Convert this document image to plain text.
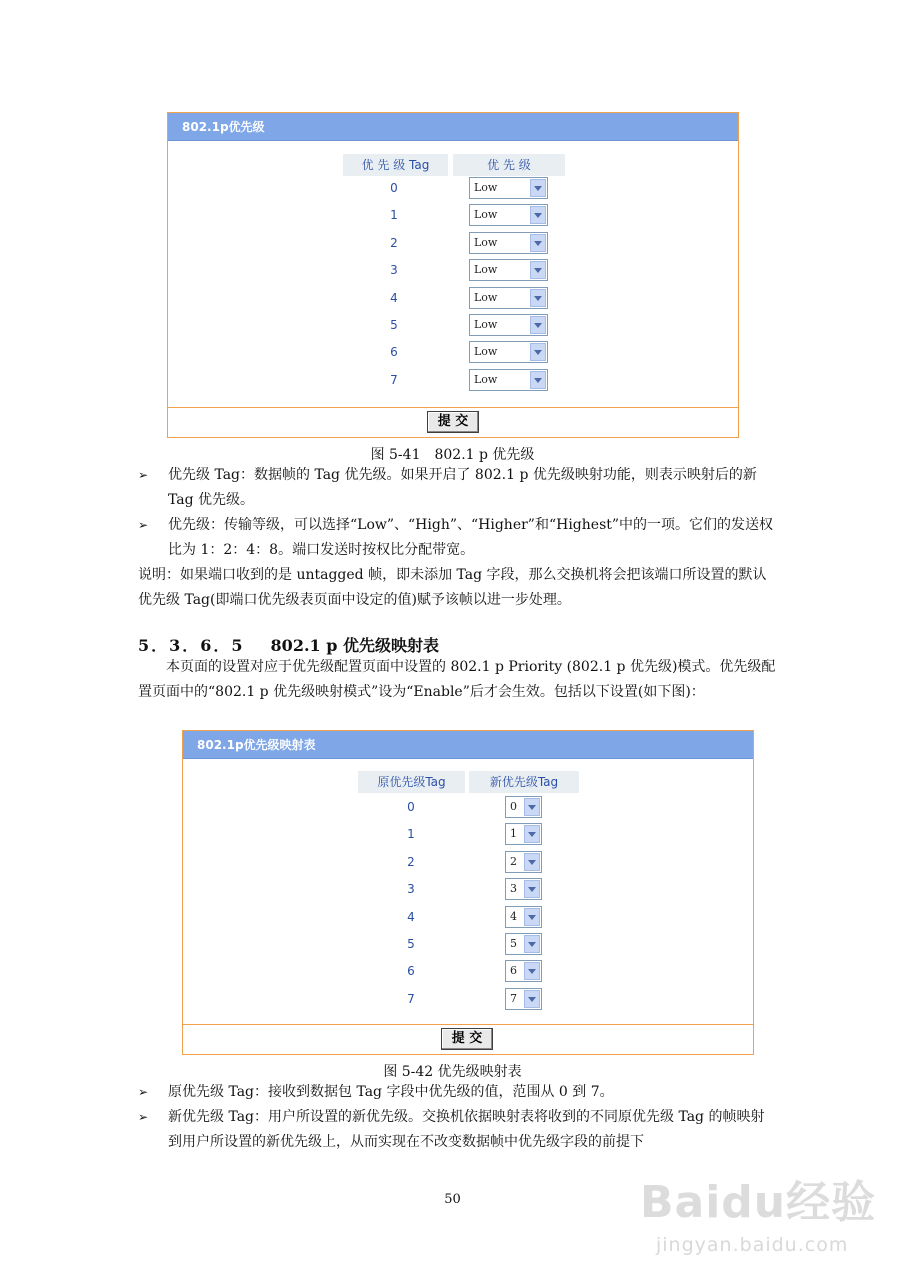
802.1p优先级
优 先 级 Tag	优 先 级
0	Low
1	Low
2	Low
3	Low
4	Low
5	Low
6	Low
7	Low
提 交
图 5-41　802.1 p 优先级
➢	优先级 Tag：数据帧的 Tag 优先级。如果开启了 802.1 p 优先级映射功能，则表示映射后的新 Tag 优先级。
➢	优先级：传输等级，可以选择“Low”、“High”、“Higher”和“Highest”中的一项。它们的发送权比为 1：2：4：8。端口发送时按权比分配带宽。
说明：如果端口收到的是 untagged 帧，即未添加 Tag 字段，那么交换机将会把该端口所设置的默认优先级 Tag(即端口优先级表页面中设定的值)赋予该帧以进一步处理。
5．3．6．5 802.1 p 优先级映射表
本页面的设置对应于优先级配置页面中设置的 802.1 p Priority (802.1 p 优先级)模式。优先级配置页面中的“802.1 p 优先级映射模式”设为“Enable”后才会生效。包括以下设置(如下图)：
802.1p优先级映射表
原优先级Tag	新优先级Tag
0	0
1	1
2	2
3	3
4	4
5	5
6	6
7	7
提 交
图 5-42 优先级映射表
➢	原优先级 Tag：接收到数据包 Tag 字段中优先级的值，范围从 0 到 7。
➢	新优先级 Tag：用户所设置的新优先级。交换机依据映射表将收到的不同原优先级 Tag 的帧映射到用户所设置的新优先级上，从而实现在不改变数据帧中优先级字段的前提下
50	Baidu经验
jingyan.baidu.com
